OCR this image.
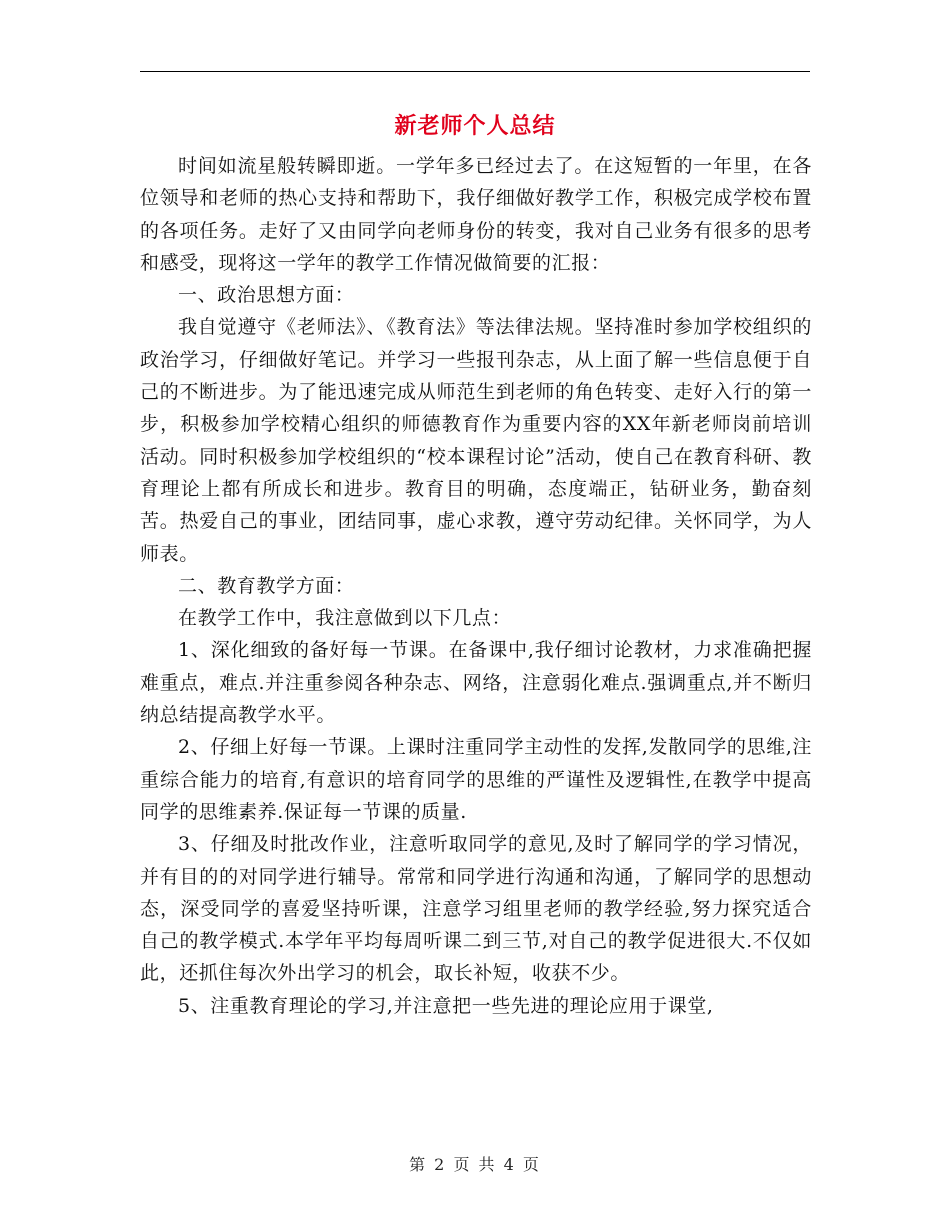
新老师个人总结

时间如流星般转瞬即逝。一学年多已经过去了。在这短暂的一年里，在各位领导和老师的热心支持和帮助下，我仔细做好教学工作，积极完成学校布置的各项任务。走好了又由同学向老师身份的转变，我对自己业务有很多的思考和感受，现将这一学年的教学工作情况做简要的汇报：

一、政治思想方面：

我自觉遵守《老师法》、《教育法》等法律法规。坚持准时参加学校组织的政治学习，仔细做好笔记。并学习一些报刊杂志，从上面了解一些信息便于自己的不断进步。为了能迅速完成从师范生到老师的角色转变、走好入行的第一步，积极参加学校精心组织的师德教育作为重要内容的XX年新老师岗前培训活动。同时积极参加学校组织的“校本课程讨论”活动，使自己在教育科研、教育理论上都有所成长和进步。教育目的明确，态度端正，钻研业务，勤奋刻苦。热爱自己的事业，团结同事，虚心求教，遵守劳动纪律。关怀同学，为人师表。

二、教育教学方面：

在教学工作中，我注意做到以下几点：

1、深化细致的备好每一节课。在备课中,我仔细讨论教材，力求准确把握难重点，难点.并注重参阅各种杂志、网络，注意弱化难点.强调重点,并不断归纳总结提高教学水平。

2、仔细上好每一节课。上课时注重同学主动性的发挥,发散同学的思维,注重综合能力的培育,有意识的培育同学的思维的严谨性及逻辑性,在教学中提高同学的思维素养.保证每一节课的质量.

3、仔细及时批改作业，注意听取同学的意见,及时了解同学的学习情况，并有目的的对同学进行辅导。常常和同学进行沟通和沟通，了解同学的思想动态，深受同学的喜爱坚持听课，注意学习组里老师的教学经验,努力探究适合自己的教学模式.本学年平均每周听课二到三节,对自己的教学促进很大.不仅如此，还抓住每次外出学习的机会，取长补短，收获不少。

5、注重教育理论的学习,并注意把一些先进的理论应用于课堂,

第 2 页 共 4 页
